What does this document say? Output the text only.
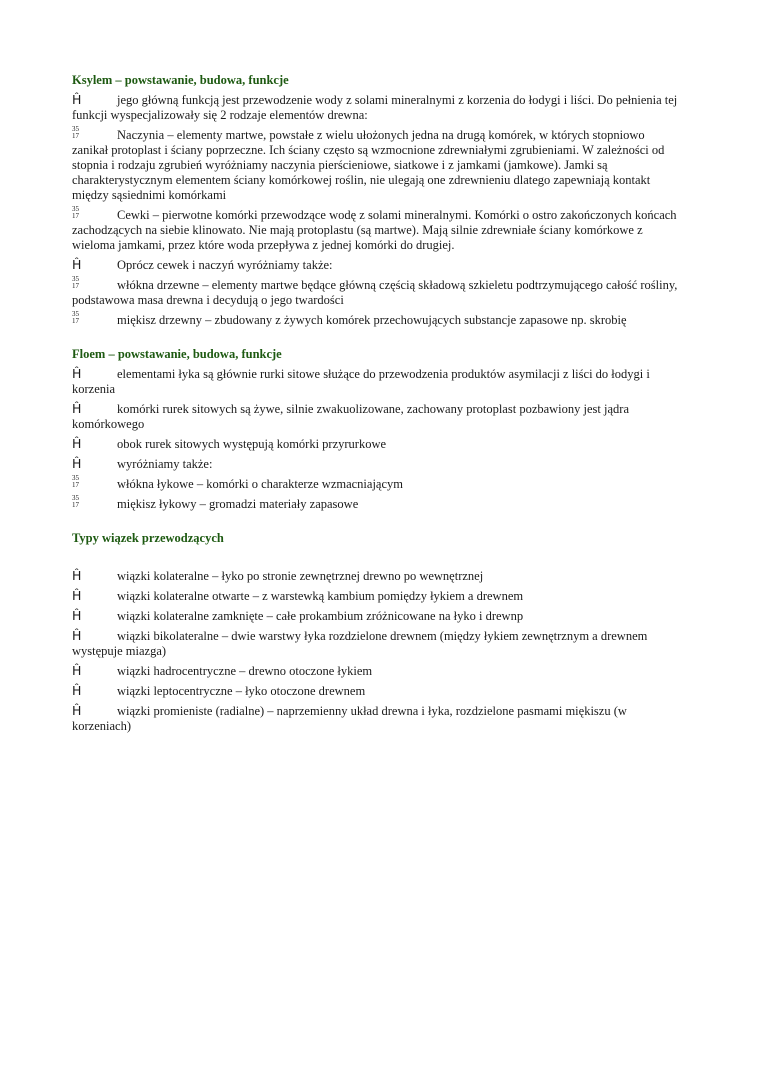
Ksylem – powstawanie, budowa, funkcje
Ĥ	jego główną funkcją jest przewodzenie wody z solami mineralnymi z korzenia do łodygi i liści. Do pełnienia tej funkcji wyspecjalizowały się 2 rodzaje elementów drewna:
35
17	Naczynia – elementy martwe, powstałe z wielu ułożonych jedna na drugą komórek, w których stopniowo zanikał protoplast i ściany poprzeczne. Ich ściany często są wzmocnione zdrewniałymi zgrubieniami. W zależności od stopnia i rodzaju zgrubień wyróżniamy naczynia pierścieniowe, siatkowe i z jamkami (jamkowe). Jamki są charakterystycznym elementem ściany komórkowej roślin, nie ulegają one zdrewnieniu dlatego zapewniają kontakt między sąsiednimi komórkami
35
17	Cewki – pierwotne komórki przewodzące wodę z solami mineralnymi. Komórki o ostro zakończonych końcach zachodzących na siebie klinowato. Nie mają protoplastu (są martwe). Mają silnie zdrewniałe ściany komórkowe z wieloma jamkami, przez które woda przepływa z jednej komórki do drugiej.
Ĥ	Oprócz cewek i naczyń wyróżniamy także:
35
17	włókna drzewne – elementy martwe będące główną częścią składową szkieletu podtrzymującego całość rośliny, podstawowa masa drewna i decydują o jego twardości
35
17	miękisz drzewny – zbudowany z żywych komórek przechowujących substancje zapasowe np. skrobię
Floem – powstawanie, budowa, funkcje
Ĥ	elementami łyka są głównie rurki sitowe służące do przewodzenia produktów asymilacji z liści do łodygi i korzenia
Ĥ	komórki rurek sitowych są żywe, silnie zwakuolizowane, zachowany protoplast pozbawiony jest jądra komórkowego
Ĥ	obok rurek sitowych występują komórki przyrurkowe
Ĥ	wyróżniamy także:
35
17	włókna łykowe – komórki o charakterze wzmacniającym
35
17	miękisz łykowy – gromadzi materiały zapasowe
Typy wiązek przewodzących
Ĥ	wiązki kolateralne – łyko po stronie zewnętrznej drewno po wewnętrznej
Ĥ	wiązki kolateralne otwarte – z warstewką kambium pomiędzy łykiem a drewnem
Ĥ	wiązki kolateralne zamknięte – całe prokambium zróżnicowane na łyko i drewnp
Ĥ	wiązki bikolateralne – dwie warstwy łyka rozdzielone drewnem (między łykiem zewnętrznym a drewnem występuje miazga)
Ĥ	wiązki hadrocentryczne – drewno otoczone łykiem
Ĥ	wiązki leptocentryczne – łyko otoczone drewnem
Ĥ	wiązki promieniste (radialne) – naprzemienny układ drewna i łyka, rozdzielone pasmami miękiszu (w korzeniach)
